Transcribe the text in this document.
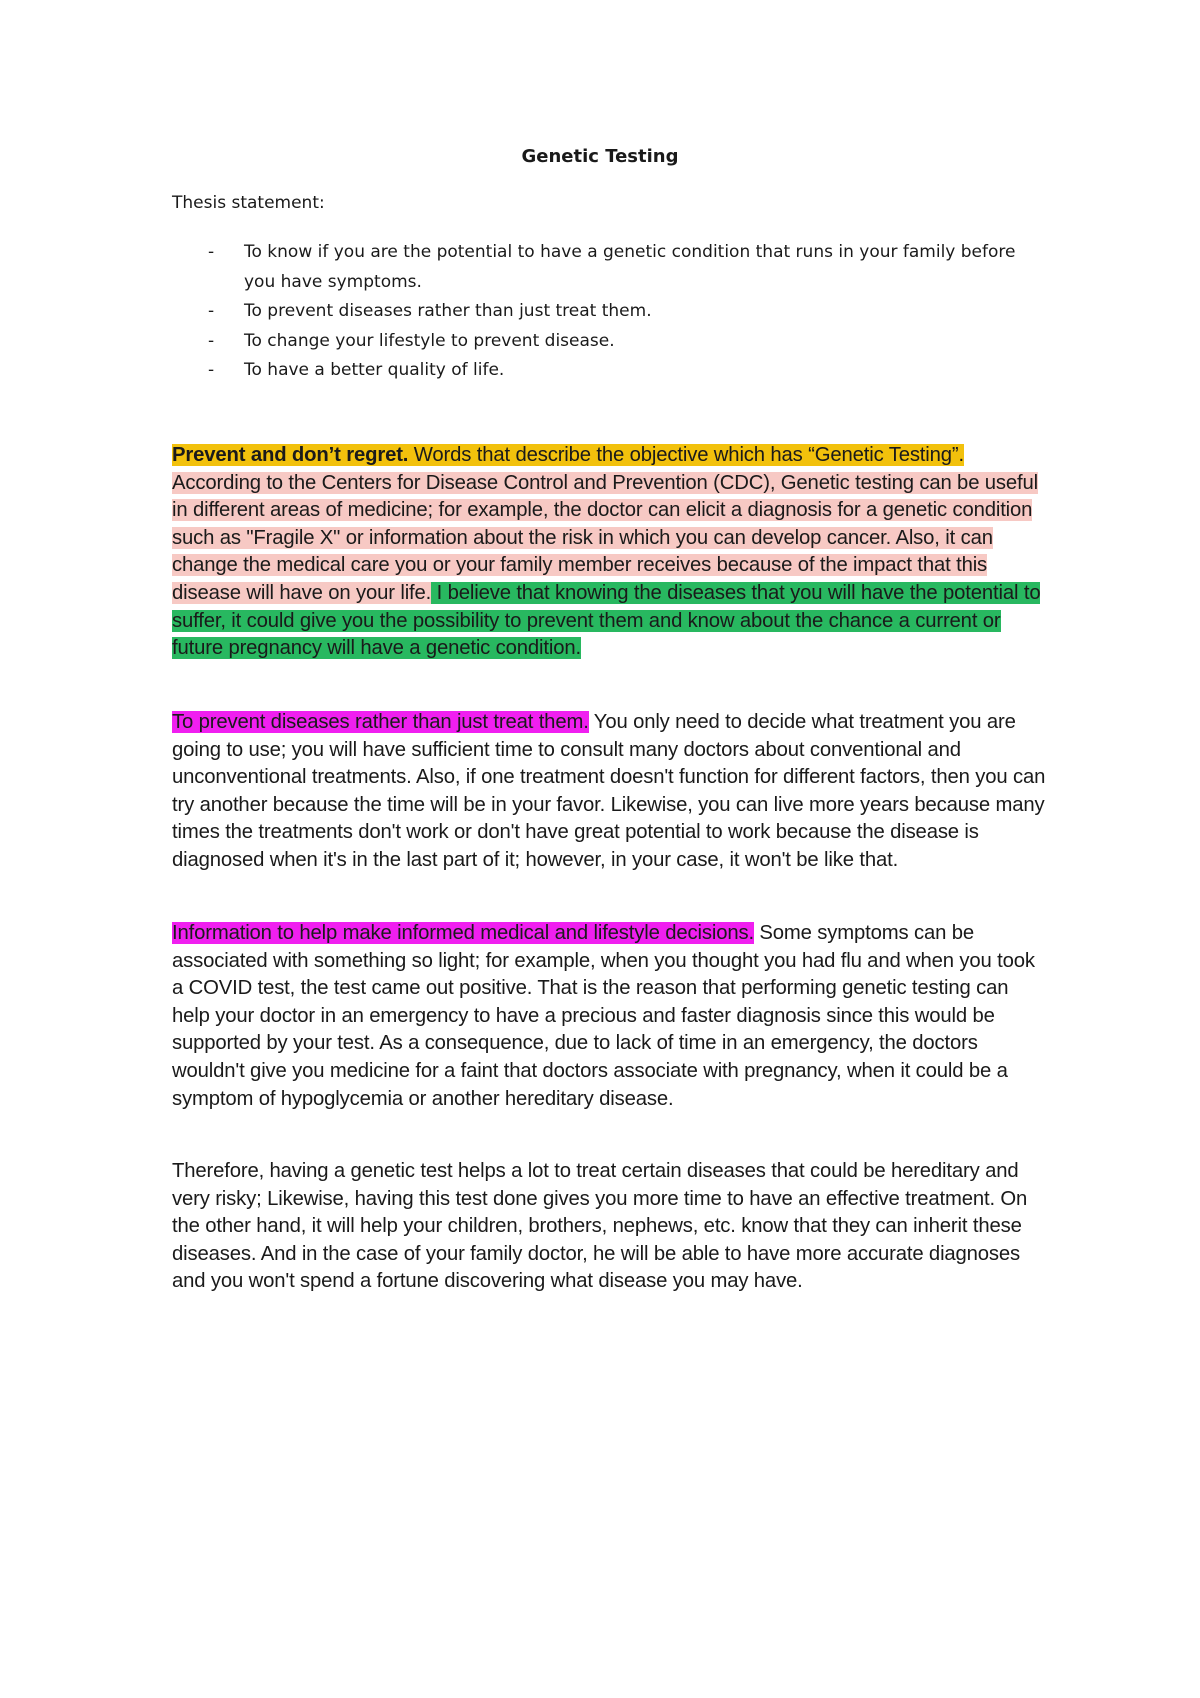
Genetic Testing

Thesis statement:

- To know if you are the potential to have a genetic condition that runs in your family before you have symptoms.
- To prevent diseases rather than just treat them.
- To change your lifestyle to prevent disease.
- To have a better quality of life.

Prevent and don’t regret. Words that describe the objective which has “Genetic Testing”. According to the Centers for Disease Control and Prevention (CDC), Genetic testing can be useful in different areas of medicine; for example, the doctor can elicit a diagnosis for a genetic condition such as "Fragile X" or information about the risk in which you can develop cancer. Also, it can change the medical care you or your family member receives because of the impact that this disease will have on your life. I believe that knowing the diseases that you will have the potential to suffer, it could give you the possibility to prevent them and know about the chance a current or future pregnancy will have a genetic condition.

To prevent diseases rather than just treat them. You only need to decide what treatment you are going to use; you will have sufficient time to consult many doctors about conventional and unconventional treatments. Also, if one treatment doesn't function for different factors, then you can try another because the time will be in your favor. Likewise, you can live more years because many times the treatments don't work or don't have great potential to work because the disease is diagnosed when it's in the last part of it; however, in your case, it won't be like that.

Information to help make informed medical and lifestyle decisions. Some symptoms can be associated with something so light; for example, when you thought you had flu and when you took a COVID test, the test came out positive. That is the reason that performing genetic testing can help your doctor in an emergency to have a precious and faster diagnosis since this would be supported by your test. As a consequence, due to lack of time in an emergency, the doctors wouldn't give you medicine for a faint that doctors associate with pregnancy, when it could be a symptom of hypoglycemia or another hereditary disease.

Therefore, having a genetic test helps a lot to treat certain diseases that could be hereditary and very risky; Likewise, having this test done gives you more time to have an effective treatment. On the other hand, it will help your children, brothers, nephews, etc. know that they can inherit these diseases. And in the case of your family doctor, he will be able to have more accurate diagnoses and you won't spend a fortune discovering what disease you may have.
